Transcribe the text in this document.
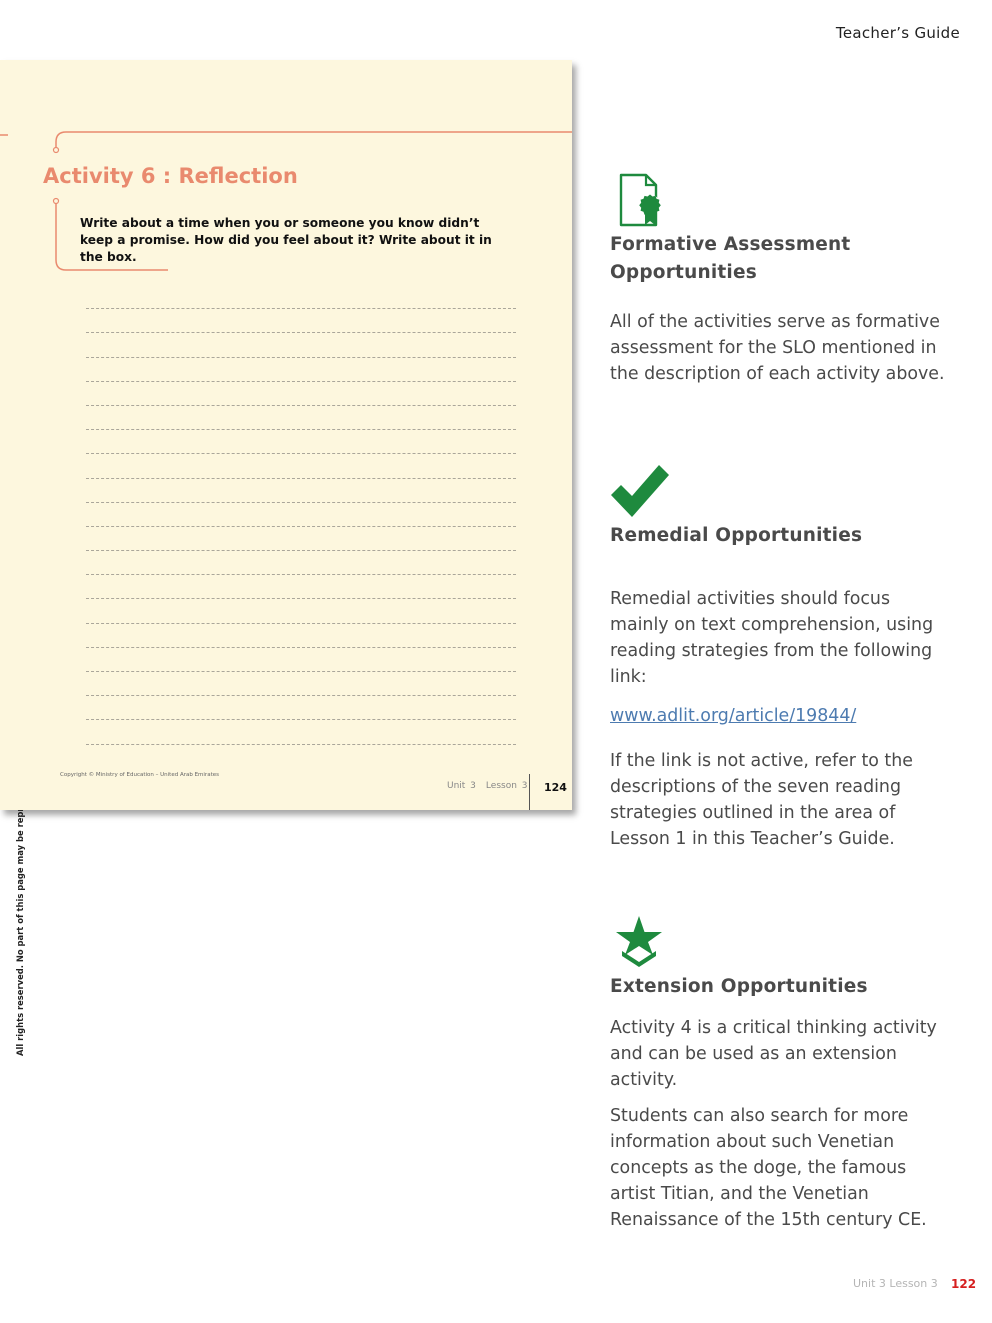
Teacher’s Guide
Activity 6 : Reflection
Write about a time when you or someone you know didn’t keep a promise. How did you feel about it? Write about it in the box.
Copyright © Ministry of Education – United Arab Emirates
Unit 3 Lesson 3	124
Formative Assessment
Opportunities
All of the activities serve as formative assessment for the SLO mentioned in the description of each activity above.
Remedial Opportunities
Remedial activities should focus mainly on text comprehension, using reading strategies from the following link:
www.adlit.org/article/19844/
If the link is not active, refer to the descriptions of the seven reading strategies outlined in the area of Lesson 1 in this Teacher’s Guide.
Extension Opportunities
Activity 4 is a critical thinking activity and can be used as an extension activity.
Students can also search for more information about such Venetian concepts as the doge, the famous artist Titian, and the Venetian Renaissance of the 15th century CE.
Unit 3 Lesson 3 122
